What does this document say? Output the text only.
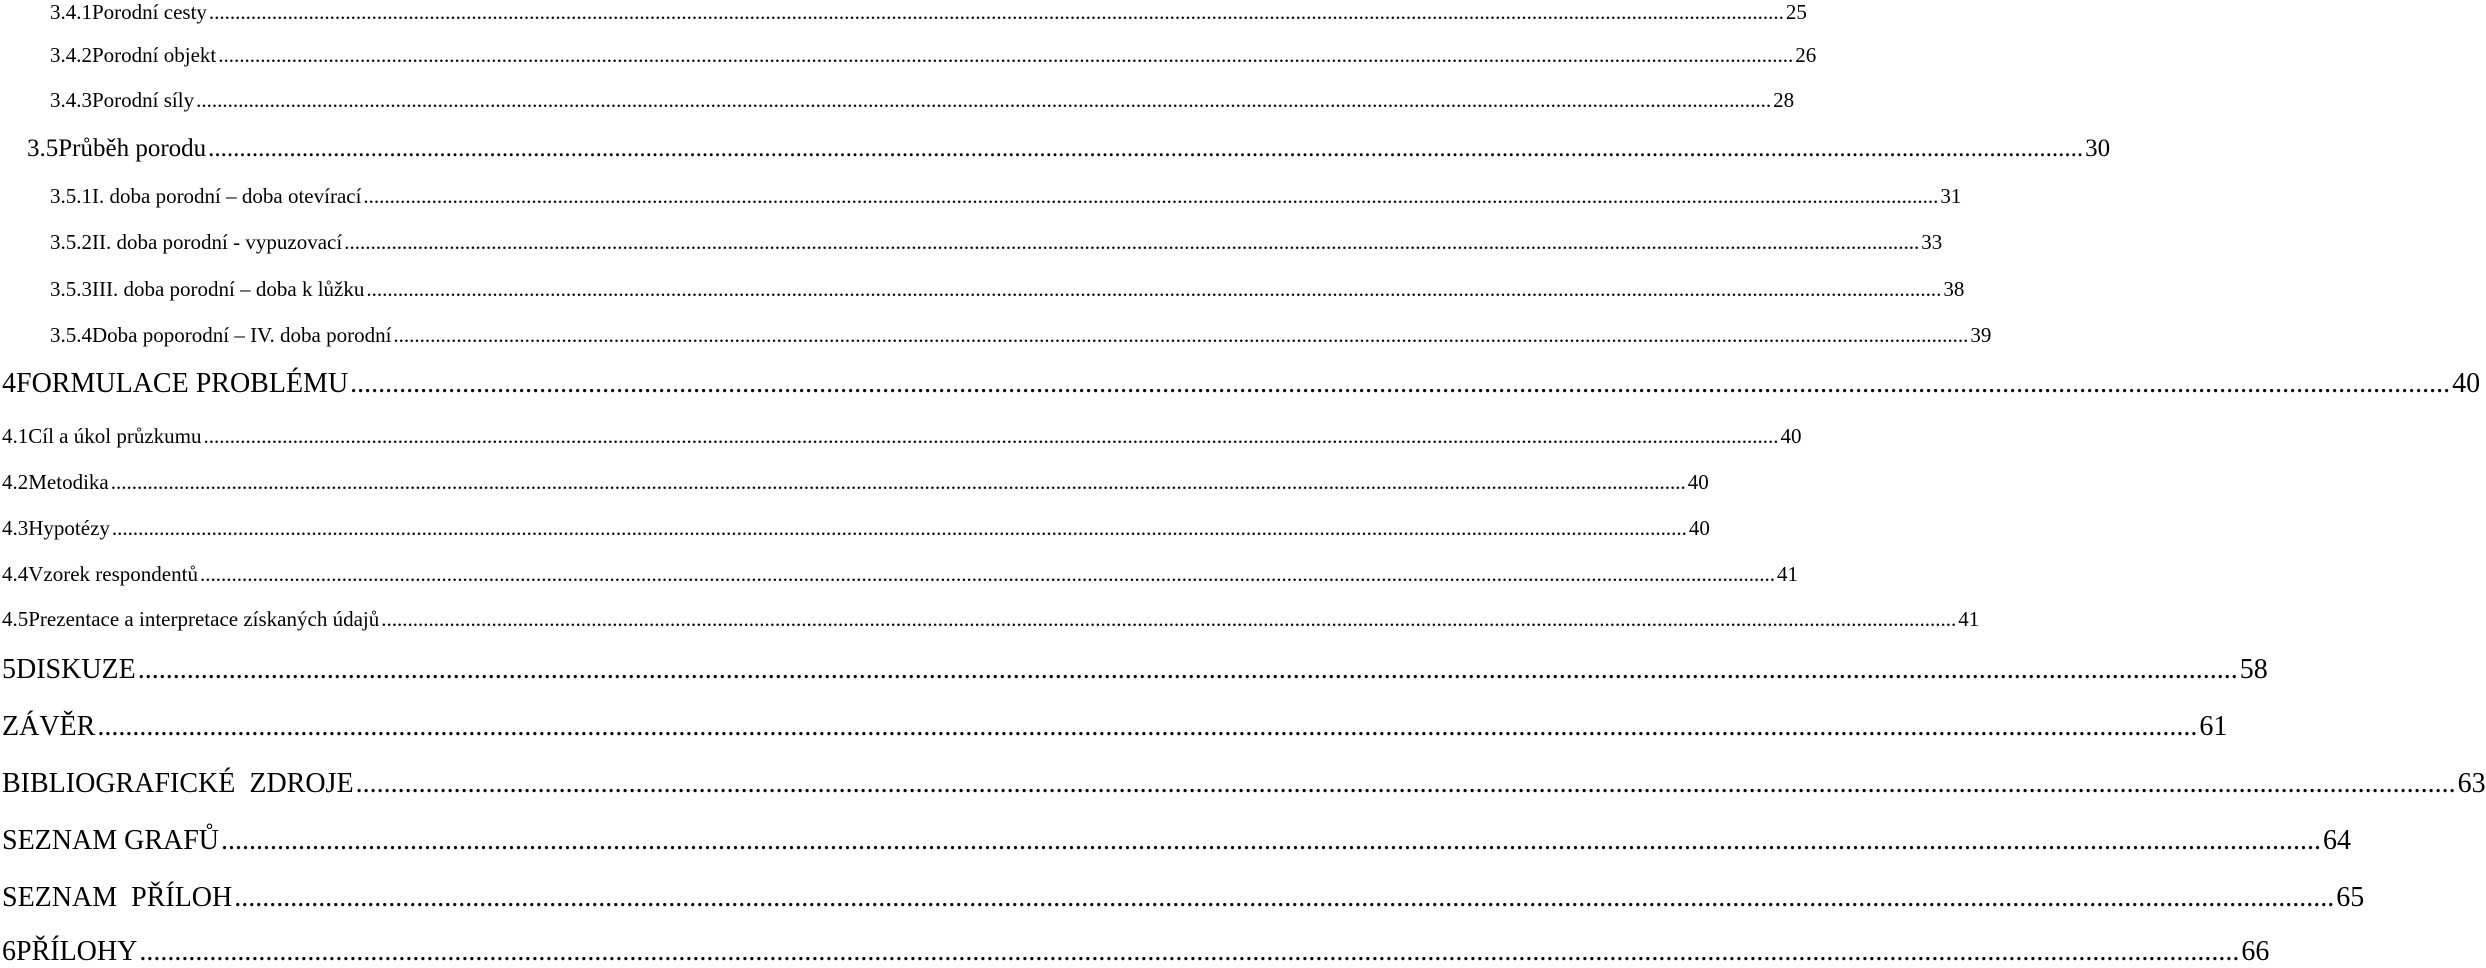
3.4.1 Porodní cesty ............................................................................................................................................................................................................................................................................................................ 25
3.4.2 Porodní objekt ............................................................................................................................................................................................................................................................................................................ 26
3.4.3 Porodní síly ............................................................................................................................................................................................................................................................................................................ 28
3.5 Průběh porodu ............................................................................................................................................................................................................................................................................................................ 30
3.5.1 I. doba porodní – doba otevírací ............................................................................................................................................................................................................................................................................................................ 31
3.5.2 II. doba porodní - vypuzovací ............................................................................................................................................................................................................................................................................................................ 33
3.5.3 III. doba porodní – doba k lůžku ............................................................................................................................................................................................................................................................................................................ 38
3.5.4 Doba poporodní – IV. doba porodní ............................................................................................................................................................................................................................................................................................................ 39
4 FORMULACE PROBLÉMU ............................................................................................................................................................................................................................................................................................................ 40
4.1 Cíl a úkol průzkumu ............................................................................................................................................................................................................................................................................................................ 40
4.2 Metodika ............................................................................................................................................................................................................................................................................................................ 40
4.3 Hypotézy ............................................................................................................................................................................................................................................................................................................ 40
4.4 Vzorek respondentů ............................................................................................................................................................................................................................................................................................................ 41
4.5 Prezentace a interpretace získaných údajů ............................................................................................................................................................................................................................................................................................................ 41
5 DISKUZE ............................................................................................................................................................................................................................................................................................................ 58
ZÁVĚR ............................................................................................................................................................................................................................................................................................................ 61
BIBLIOGRAFICKÉ  ZDROJE ............................................................................................................................................................................................................................................................................................................ 63
SEZNAM GRAFŮ ............................................................................................................................................................................................................................................................................................................ 64
SEZNAM  PŘÍLOH ............................................................................................................................................................................................................................................................................................................ 65
6 PŘÍLOHY ............................................................................................................................................................................................................................................................................................................ 66
